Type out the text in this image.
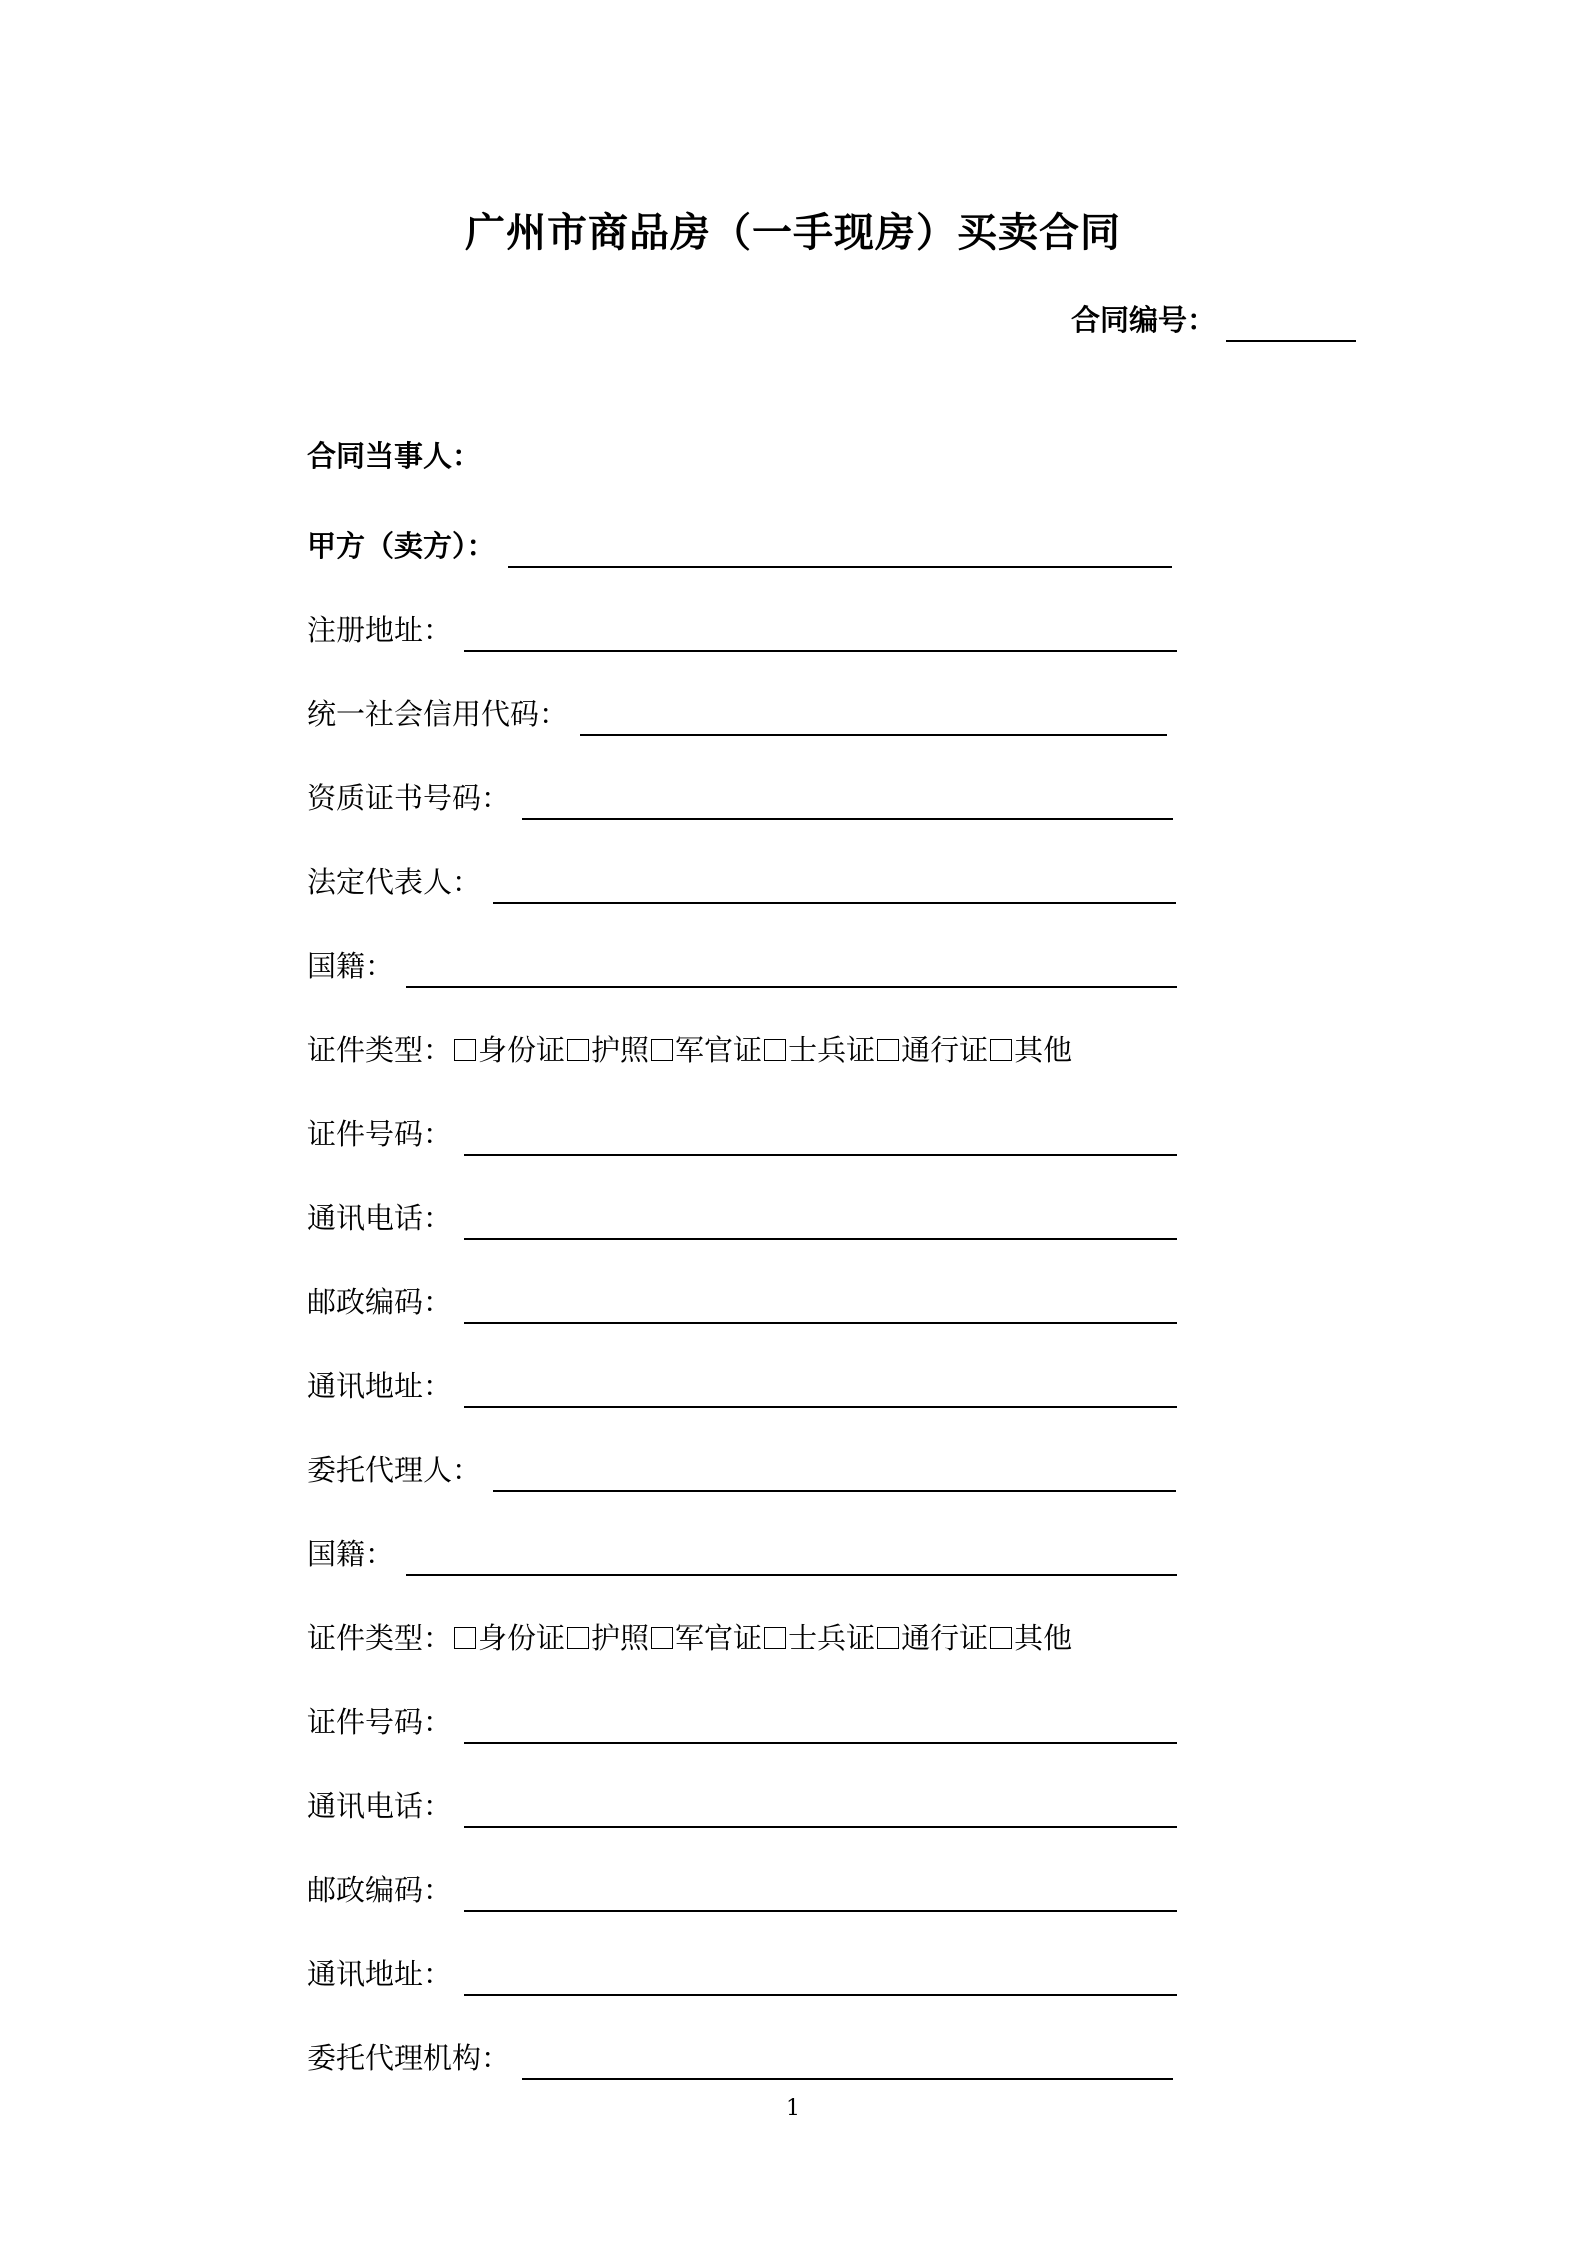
广州市商品房（一手现房）买卖合同
合同编号：
合同当事人：
甲方（卖方）：
注册地址：
统一社会信用代码：
资质证书号码：
法定代表人：
国籍：
证件类型： 身份证 护照 军官证 士兵证 通行证 其他
证件号码：
通讯电话：
邮政编码：
通讯地址：
委托代理人：
国籍：
证件类型： 身份证 护照 军官证 士兵证 通行证 其他
证件号码：
通讯电话：
邮政编码：
通讯地址：
委托代理机构：
1
